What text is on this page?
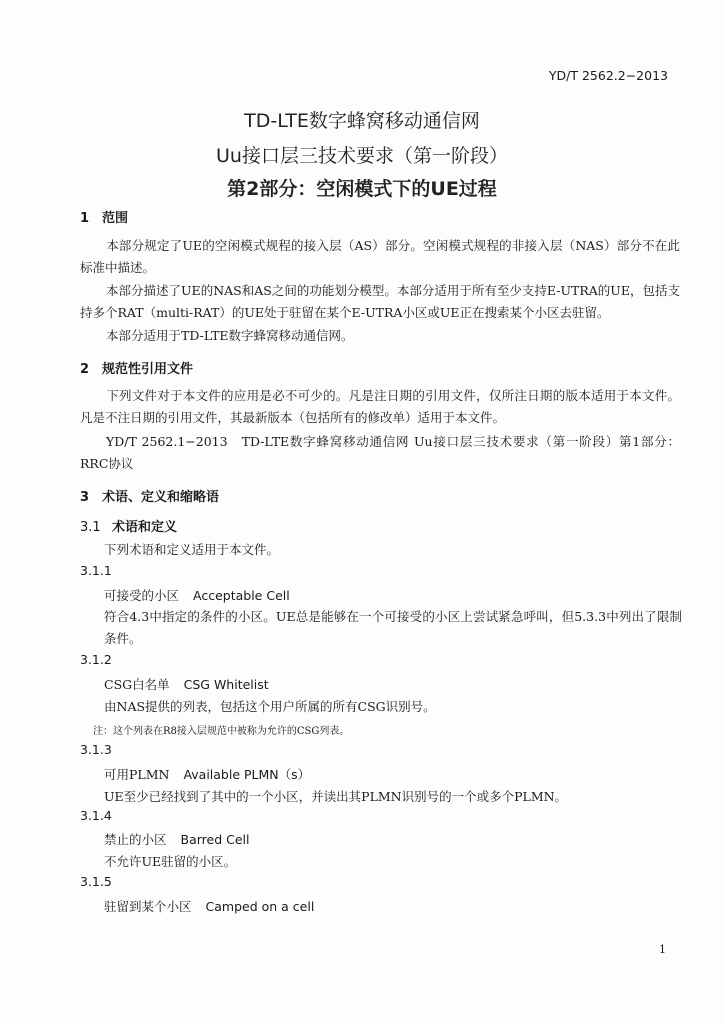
YD/T 2562.2−2013
TD-LTE数字蜂窝移动通信网
Uu接口层三技术要求（第一阶段）
第2部分：空闲模式下的UE过程
1 范围
本部分规定了UE的空闲模式规程的接入层（AS）部分。空闲模式规程的非接入层（NAS）部分不在此标准中描述。
本部分描述了UE的NAS和AS之间的功能划分模型。本部分适用于所有至少支持E-UTRA的UE，包括支持多个RAT（multi-RAT）的UE处于驻留在某个E-UTRA小区或UE正在搜索某个小区去驻留。
本部分适用于TD-LTE数字蜂窝移动通信网。
2 规范性引用文件
下列文件对于本文件的应用是必不可少的。凡是注日期的引用文件，仅所注日期的版本适用于本文件。凡是不注日期的引用文件，其最新版本（包括所有的修改单）适用于本文件。
YD/T 2562.1−2013　TD-LTE数字蜂窝移动通信网 Uu接口层三技术要求（第一阶段）第1部分：RRC协议
3 术语、定义和缩略语
3.1 术语和定义
下列术语和定义适用于本文件。
3.1.1
可接受的小区 Acceptable Cell
符合4.3中指定的条件的小区。UE总是能够在一个可接受的小区上尝试紧急呼叫，但5.3.3中列出了限制条件。
3.1.2
CSG白名单 CSG Whitelist
由NAS提供的列表，包括这个用户所属的所有CSG识别号。
注：这个列表在R8接入层规范中被称为允许的CSG列表。
3.1.3
可用PLMN Available PLMN（s）
UE至少已经找到了其中的一个小区，并读出其PLMN识别号的一个或多个PLMN。
3.1.4
禁止的小区 Barred Cell
不允许UE驻留的小区。
3.1.5
驻留到某个小区 Camped on a cell
1
